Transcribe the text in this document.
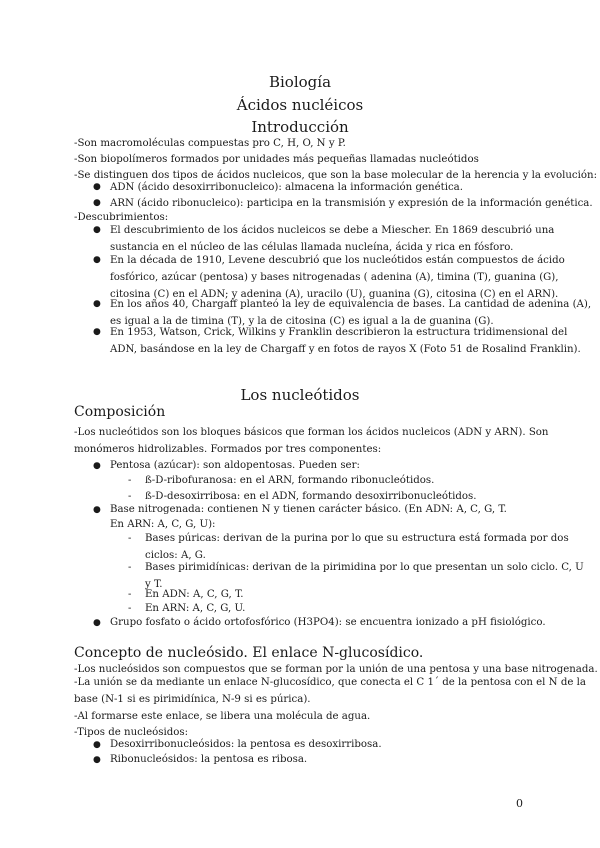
Biología
Ácidos nucléicos
Introducción
-Son macromoléculas compuestas pro C, H, O, N y P.
-Son biopolímeros formados por unidades más pequeñas llamadas nucleótidos
-Se distinguen dos tipos de ácidos nucleicos, que son la base molecular de la herencia y la evolución:
● ADN (ácido desoxirribonucleico): almacena la información genética.
● ARN (ácido ribonucleico): participa en la transmisión y expresión de la información genética.
-Descubrimientos:
● El descubrimiento de los ácidos nucleicos se debe a Miescher. En 1869 descubrió una
sustancia en el núcleo de las células llamada nucleína, ácida y rica en fósforo.
● En la década de 1910, Levene descubrió que los nucleótidos están compuestos de ácido
fosfórico, azúcar (pentosa) y bases nitrogenadas ( adenina (A), timina (T), guanina (G),
citosina (C) en el ADN; y adenina (A), uracilo (U), guanina (G), citosina (C) en el ARN).
● En los años 40, Chargaff planteó la ley de equivalencia de bases. La cantidad de adenina (A),
es igual a la de timina (T), y la de citosina (C) es igual a la de guanina (G).
● En 1953, Watson, Crick, Wilkins y Franklin describieron la estructura tridimensional del
ADN, basándose en la ley de Chargaff y en fotos de rayos X (Foto 51 de Rosalind Franklin).
Los nucleótidos
Composición
-Los nucleótidos son los bloques básicos que forman los ácidos nucleicos (ADN y ARN). Son
monómeros hidrolizables. Formados por tres componentes:
● Pentosa (azúcar): son aldopentosas. Pueden ser:
- ß-D-ribofuranosa: en el ARN, formando ribonucleótidos.
- ß-D-desoxirribosa: en el ADN, formando desoxirribonucleótidos.
● Base nitrogenada: contienen N y tienen carácter básico. (En ADN: A, C, G, T.
En ARN: A, C, G, U):
- Bases púricas: derivan de la purina por lo que su estructura está formada por dos
ciclos: A, G.
- Bases pirimidínicas: derivan de la pirimidina por lo que presentan un solo ciclo. C, U
y T.
- En ADN: A, C, G, T.
- En ARN: A, C, G, U.
● Grupo fosfato o ácido ortofosfórico (H3PO4): se encuentra ionizado a pH fisiológico.
Concepto de nucleósido. El enlace N-glucosídico.
-Los nucleósidos son compuestos que se forman por la unión de una pentosa y una base nitrogenada.
-La unión se da mediante un enlace N-glucosídico, que conecta el C 1´ de la pentosa con el N de la
base (N-1 si es pirimidínica, N-9 si es púrica).
-Al formarse este enlace, se libera una molécula de agua.
-Tipos de nucleósidos:
● Desoxirribonucleósidos: la pentosa es desoxirribosa.
● Ribonucleósidos: la pentosa es ribosa.
0
